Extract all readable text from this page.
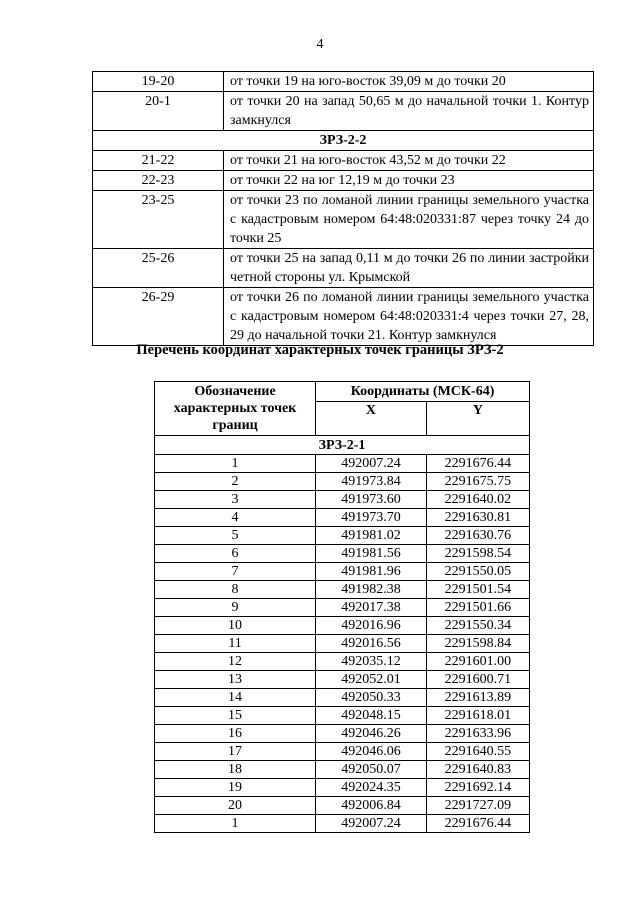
4
19-20	от точки 19 на юго-восток 39,09 м до точки 20
20-1	от точки 20 на запад 50,65 м до начальной точки 1. Контур замкнулся
ЗРЗ-2-2	
21-22	от точки 21 на юго-восток 43,52 м до точки 22
22-23	от точки 22 на юг 12,19 м до точки 23
23-25	от точки 23 по ломаной линии границы земельного участка с кадастровым номером 64:48:020331:87 через точку 24 до точки 25
25-26	от точки 25 на запад 0,11 м до точки 26 по линии застройки четной стороны ул. Крымской
26-29	от точки 26 по ломаной линии границы земельного участка с кадастровым номером 64:48:020331:4 через точки 27, 28, 29 до начальной точки 21. Контур замкнулся
Перечень координат характерных точек границы ЗРЗ-2
Обозначение характерных точек границ	Координаты (МСК-64)	
	X	Y
ЗРЗ-2-1		
1	492007.24	2291676.44
2	491973.84	2291675.75
3	491973.60	2291640.02
4	491973.70	2291630.81
5	491981.02	2291630.76
6	491981.56	2291598.54
7	491981.96	2291550.05
8	491982.38	2291501.54
9	492017.38	2291501.66
10	492016.96	2291550.34
11	492016.56	2291598.84
12	492035.12	2291601.00
13	492052.01	2291600.71
14	492050.33	2291613.89
15	492048.15	2291618.01
16	492046.26	2291633.96
17	492046.06	2291640.55
18	492050.07	2291640.83
19	492024.35	2291692.14
20	492006.84	2291727.09
1	492007.24	2291676.44
